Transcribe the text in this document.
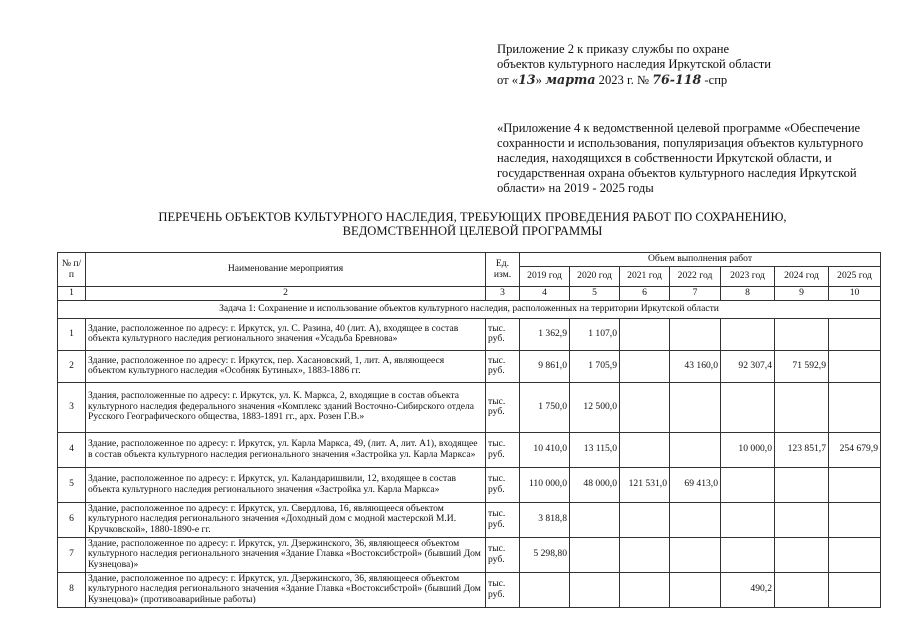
Приложение 2 к приказу службы по охране
объектов культурного наследия Иркутской области
от «13» марта 2023 г. № 76-118 -спр
«Приложение 4 к ведомственной целевой программе «Обеспечение сохранности и использования, популяризация объектов культурного наследия, находящихся в собственности Иркутской области, и государственная охрана объектов культурного наследия Иркутской области» на 2019 - 2025 годы
ПЕРЕЧЕНЬ ОБЪЕКТОВ КУЛЬТУРНОГО НАСЛЕДИЯ, ТРЕБУЮЩИХ ПРОВЕДЕНИЯ РАБОТ ПО СОХРАНЕНИЮ,
ВЕДОМСТВЕННОЙ ЦЕЛЕВОЙ ПРОГРАММЫ
№ п/п	Наименование мероприятия	Ед. изм.	Объем выполнения работ						
			2019 год	2020 год	2021 год	2022 год	2023 год	2024 год	2025 год
1	2	3	4	5	6	7	8	9	10
Задача 1: Сохранение и использование объектов культурного наследия, расположенных на территории Иркутской области									
1	Здание, расположенное по адресу: г. Иркутск, ул. С. Разина, 40 (лит. А), входящее в состав объекта культурного наследия регионального значения «Усадьба Бревнова»	тыс. руб.	1 362,9	1 107,0					
2	Здание, расположенное по адресу: г. Иркутск, пер. Хасановский, 1, лит. А, являющееся объектом культурного наследия «Особняк Бутиных», 1883-1886 гг.	тыс. руб.	9 861,0	1 705,9		43 160,0	92 307,4	71 592,9	
3	Здания, расположенные по адресу: г. Иркутск, ул. К. Маркса, 2, входящие в состав объекта культурного наследия федерального значения «Комплекс зданий Восточно-Сибирского отдела Русского Географического общества, 1883-1891 гг., арх. Розен Г.В.»	тыс. руб.	1 750,0	12 500,0					
4	Здание, расположенное по адресу: г. Иркутск, ул. Карла Маркса, 49, (лит. А, лит. А1), входящее в состав объекта культурного наследия регионального значения «Застройка ул. Карла Маркса»	тыс. руб.	10 410,0	13 115,0			10 000,0	123 851,7	254 679,9
5	Здание, расположенное по адресу: г. Иркутск, ул. Каландаришвили, 12, входящее в состав объекта культурного наследия регионального значения «Застройка ул. Карла Маркса»	тыс. руб.	110 000,0	48 000,0	121 531,0	69 413,0			
6	Здание, расположенное по адресу: г. Иркутск, ул. Свердлова, 16, являющееся объектом культурного наследия регионального значения «Доходный дом с модной мастерской М.И. Кручковской», 1880-1890-е гг.	тыс. руб.	3 818,8						
7	Здание, расположенное по адресу: г. Иркутск, ул. Дзержинского, 36, являющееся объектом культурного наследия регионального значения «Здание Главка «Востоксибстрой» (бывший Дом Кузнецова)»	тыс. руб.	5 298,80						
8	Здание, расположенное по адресу: г. Иркутск, ул. Дзержинского, 36, являющееся объектом культурного наследия регионального значения «Здание Главка «Востоксибстрой» (бывший Дом Кузнецова)» (противоаварийные работы)	тыс. руб.					490,2		
